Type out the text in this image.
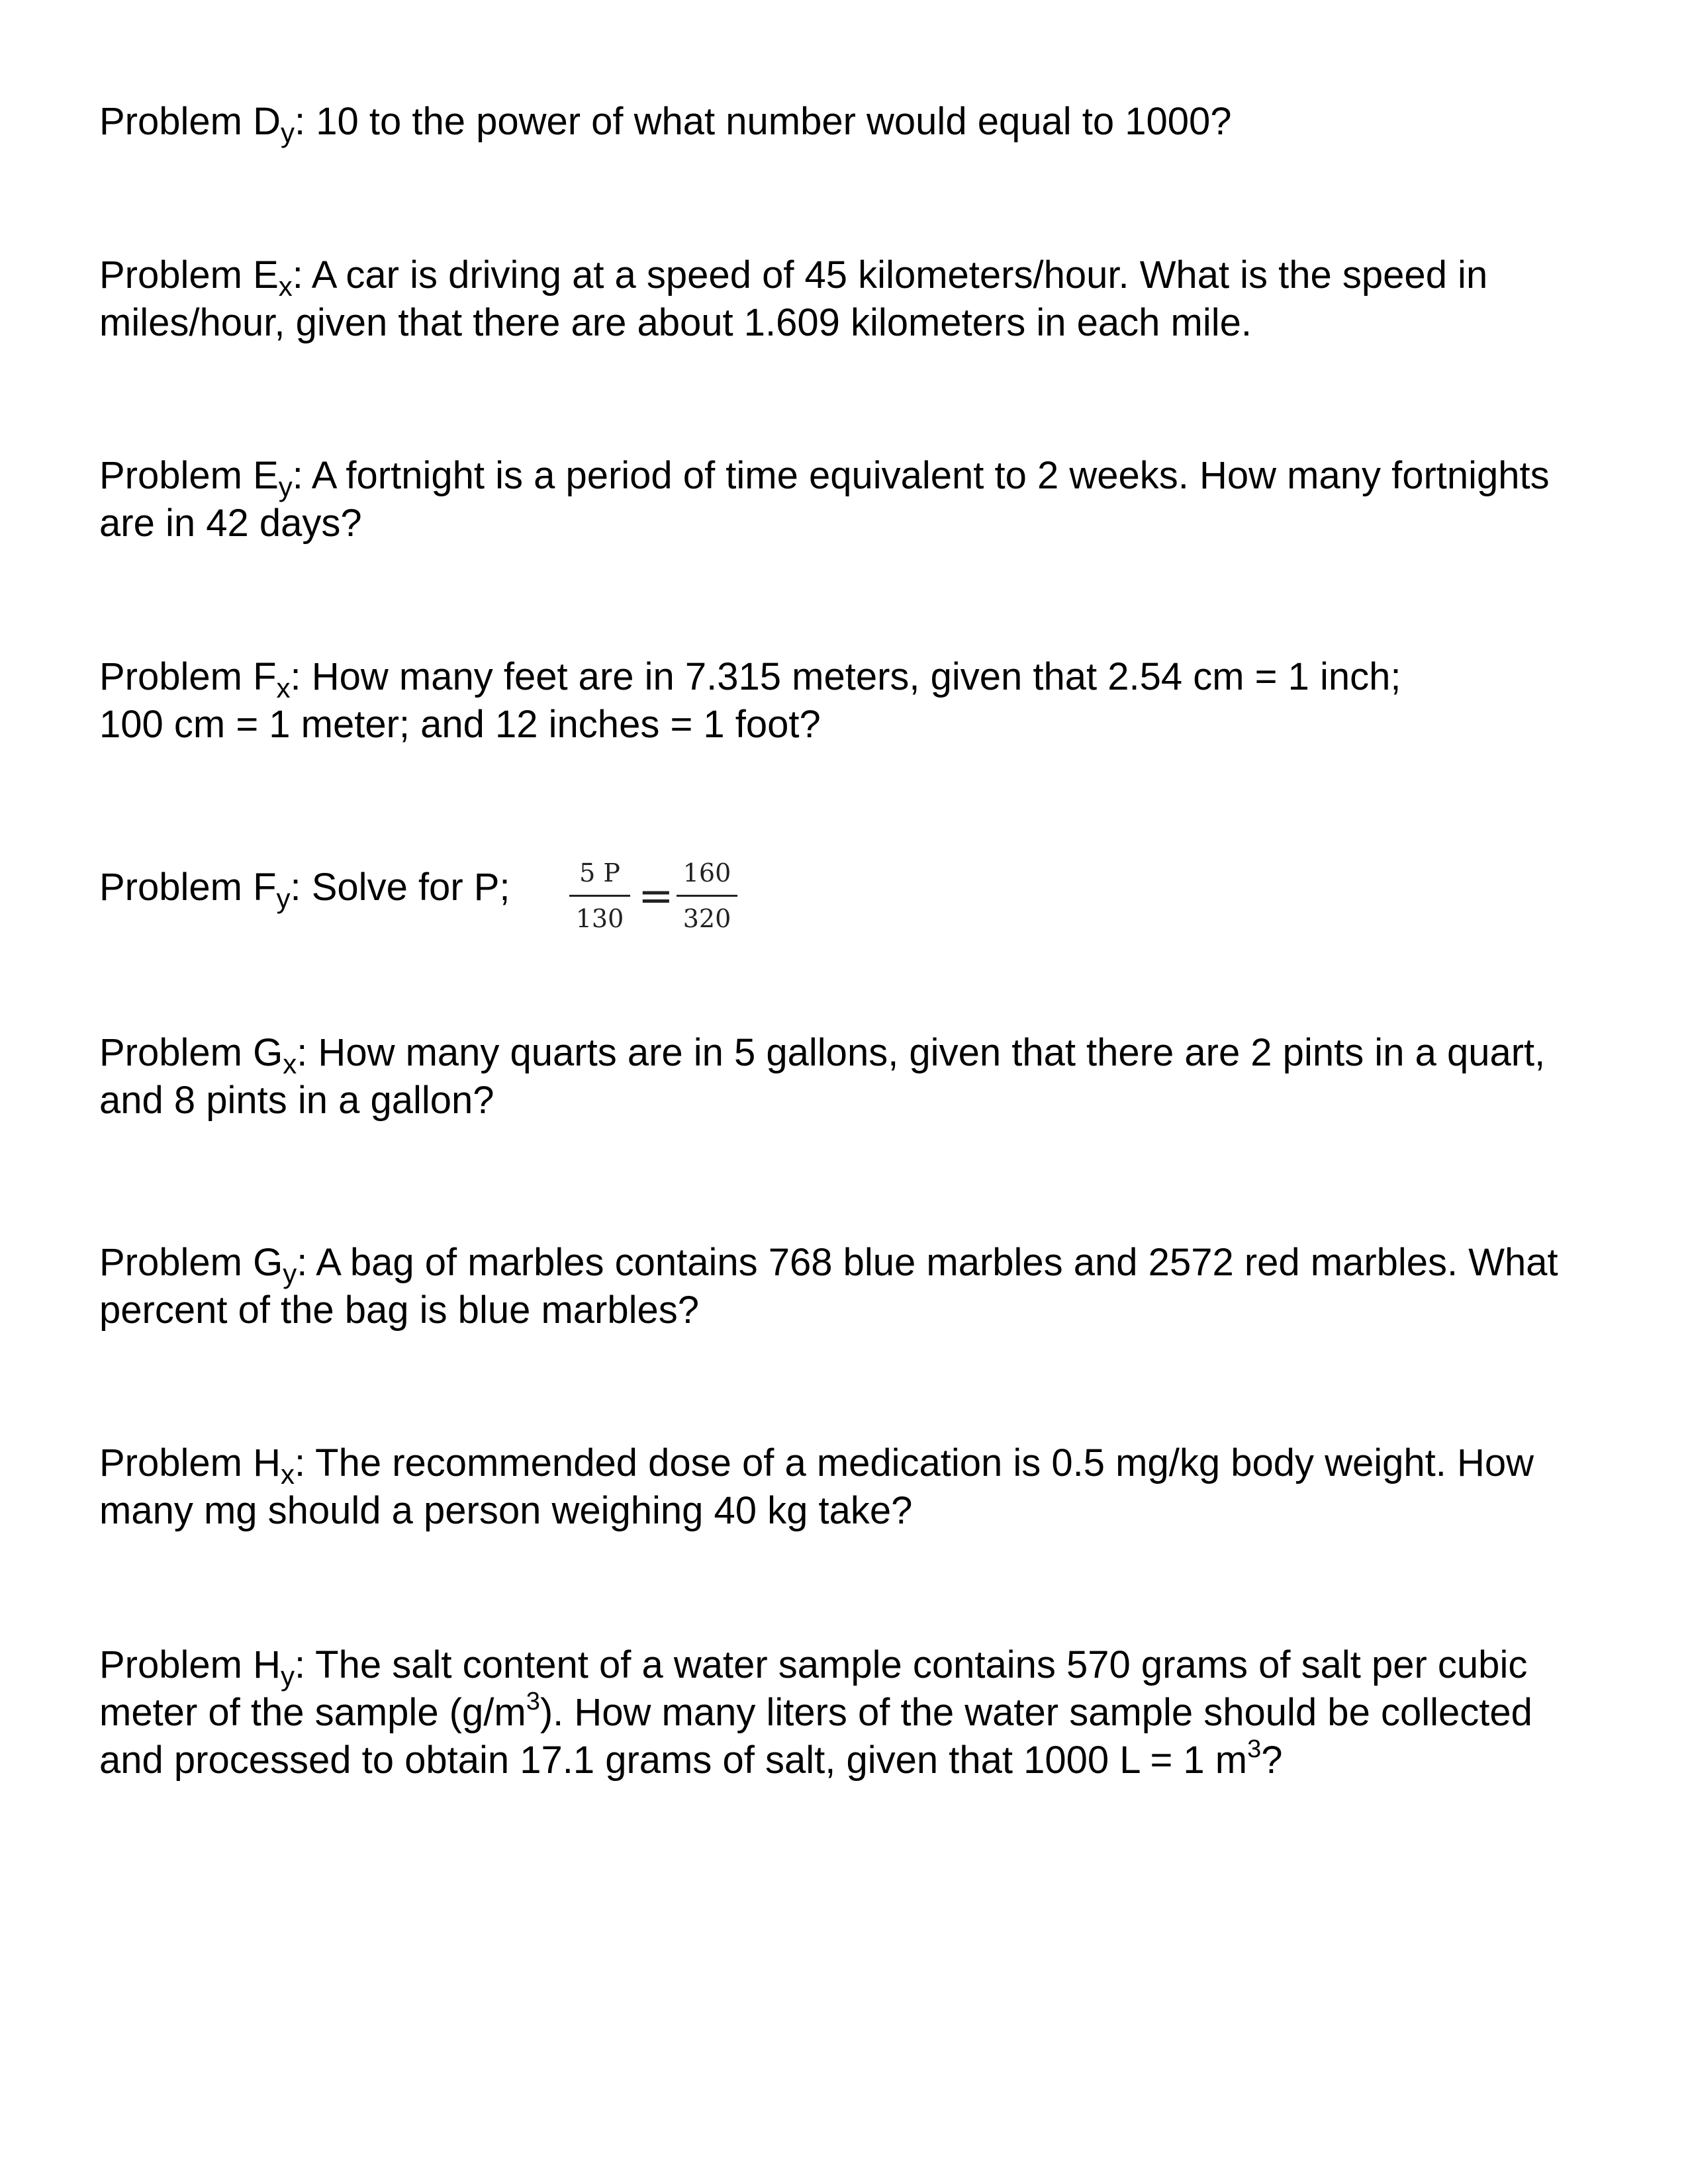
Problem $D_y$: 10 to the power of what number would equal to 1000?

Problem $E_x$: A car is driving at a speed of 45 kilometers/hour. What is the speed in
miles/hour, given that there are about 1.609 kilometers in each mile.

Problem $E_y$: A fortnight is a period of time equivalent to 2 weeks. How many fortnights
are in 42 days?

Problem $F_x$: How many feet are in 7.315 meters, given that 2.54 cm = 1 inch;
100 cm = 1 meter; and 12 inches = 1 foot?

Problem $F_y$: Solve for P;	5 P
130 = 160
320

Problem $G_x$: How many quarts are in 5 gallons, given that there are 2 pints in a quart,
and 8 pints in a gallon?

Problem $G_y$: A bag of marbles contains 768 blue marbles and 2572 red marbles. What
percent of the bag is blue marbles?

Problem $H_x$: The recommended dose of a medication is 0.5 mg/kg body weight. How
many mg should a person weighing 40 kg take?

Problem $H_y$: The salt content of a water sample contains 570 grams of salt per cubic
meter of the sample $(g/m^3)$. How many liters of the water sample should be collected
and processed to obtain 17.1 grams of salt, given that 1000 L = 1 $m^3$?
